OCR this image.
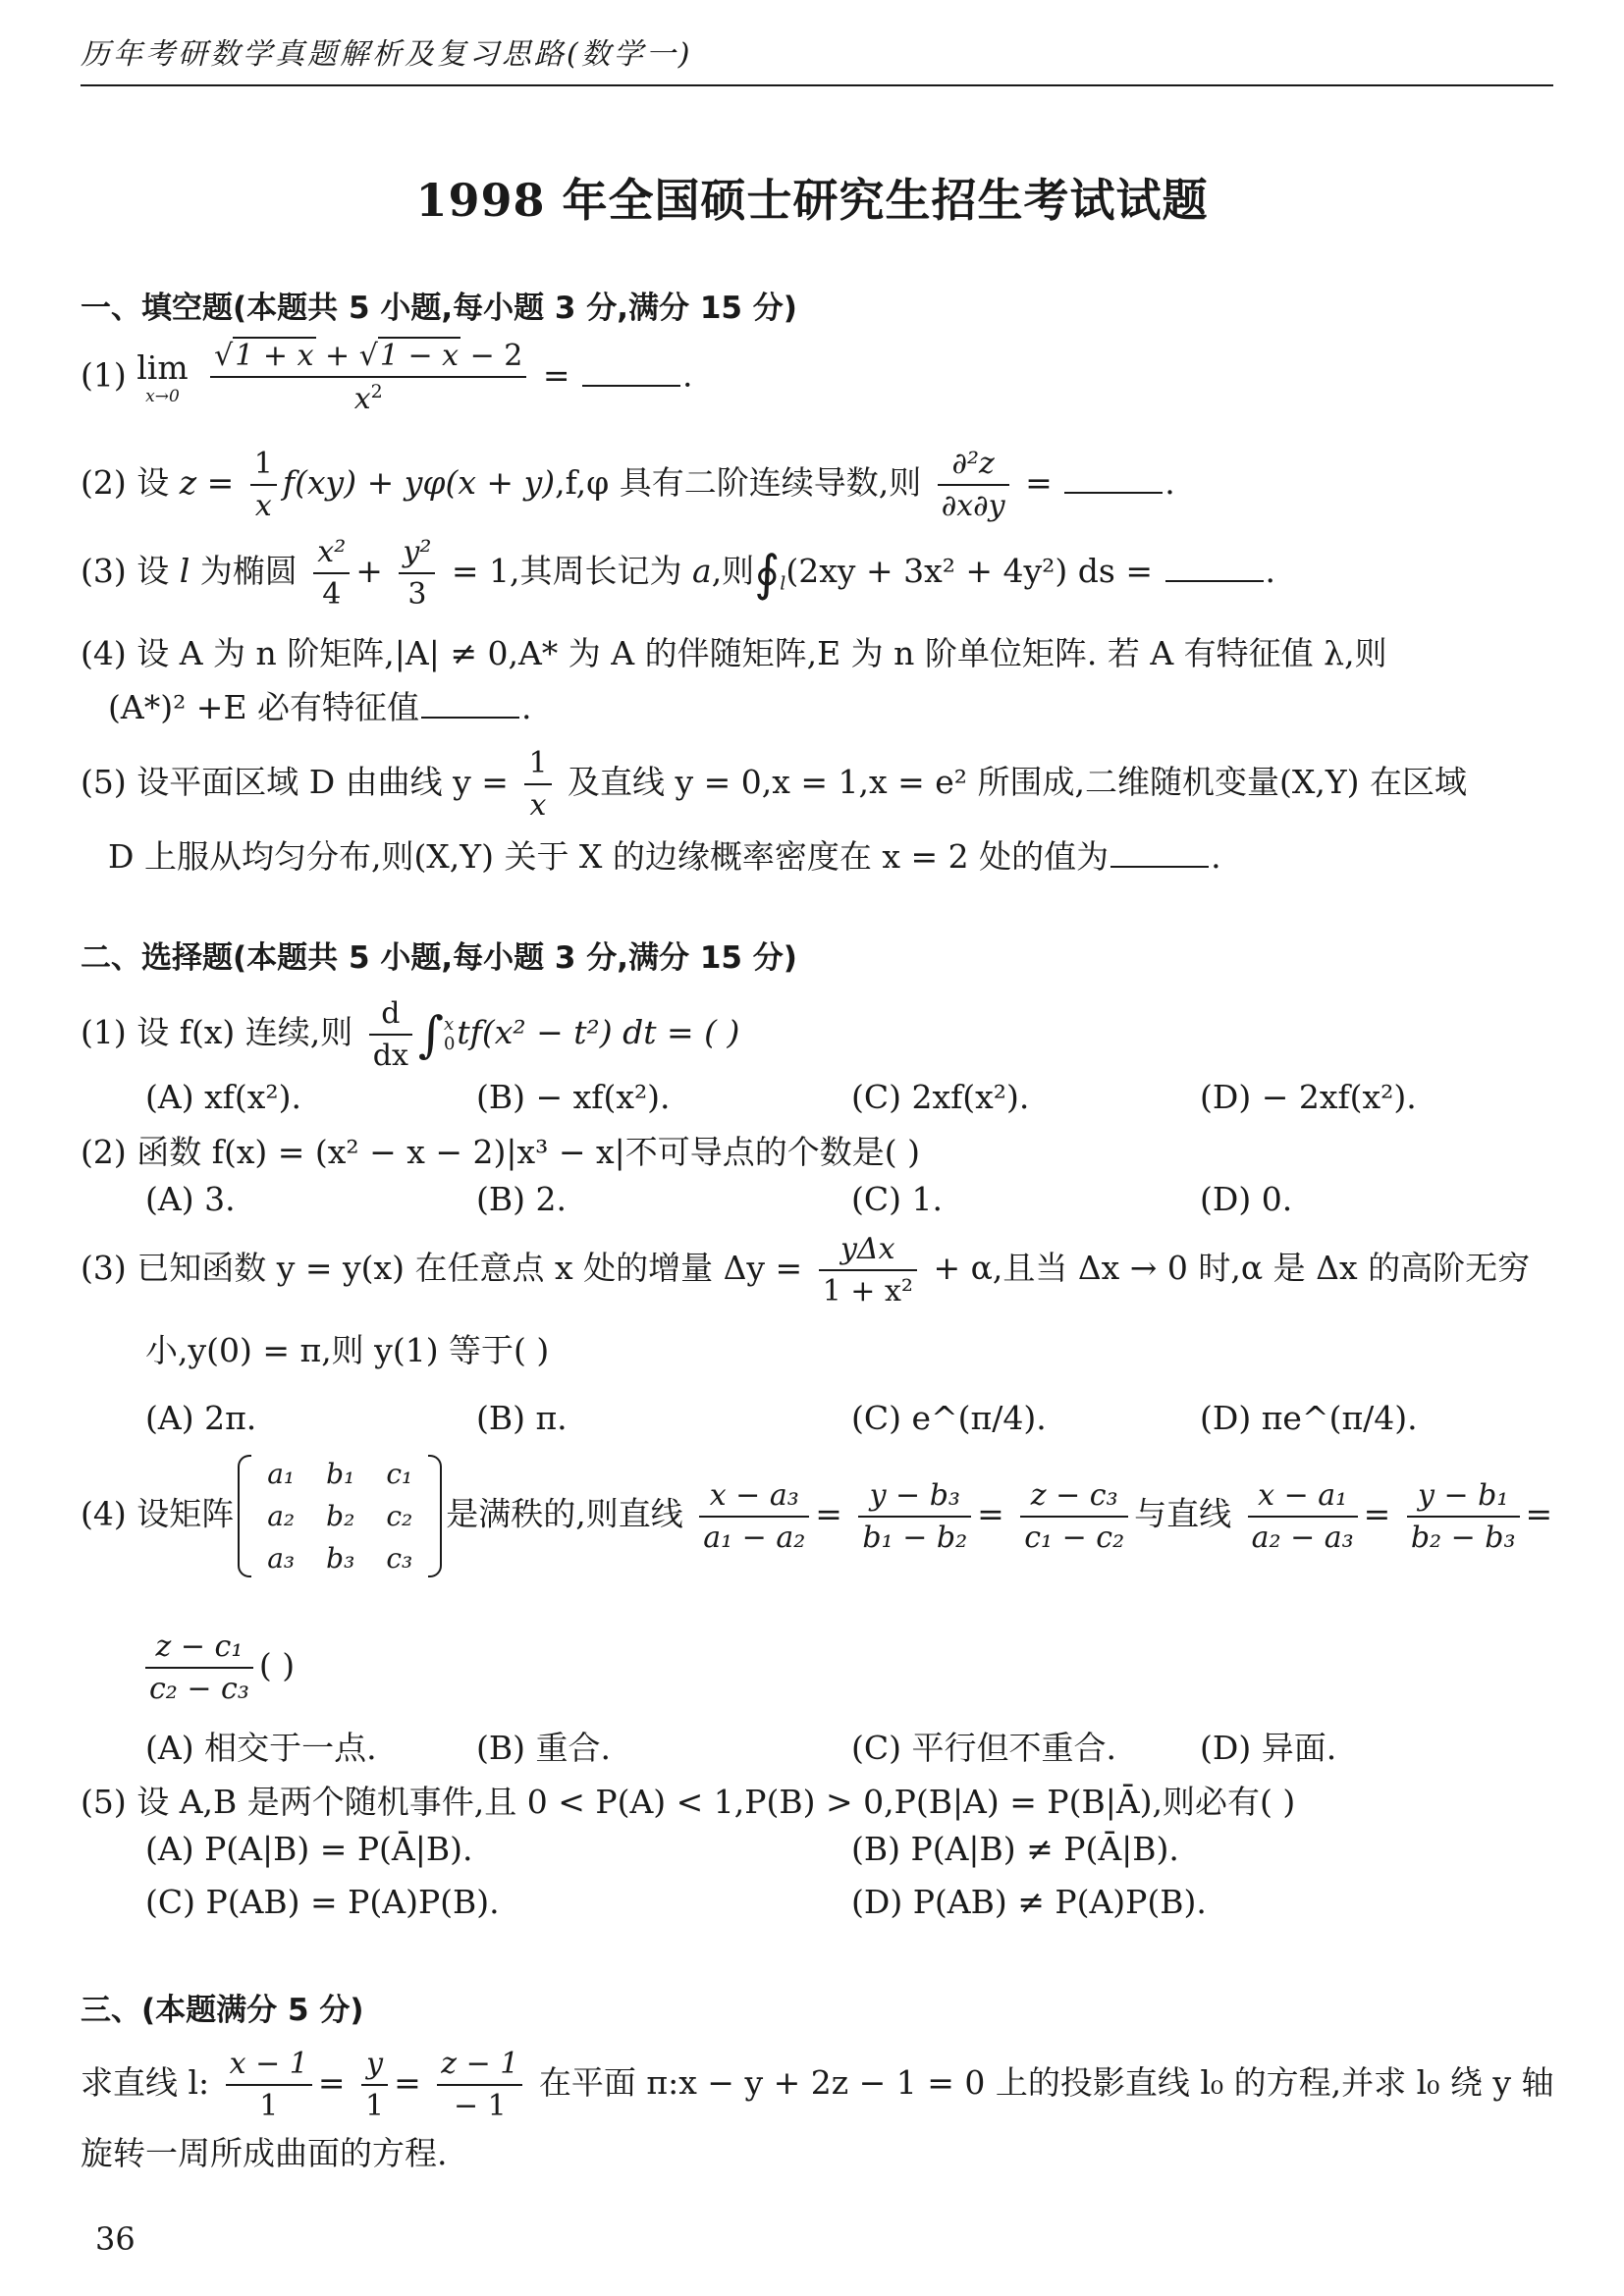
历年考研数学真题解析及复习思路(数学一)
1998 年全国硕士研究生招生考试试题
一、填空题(本题共 5 小题,每小题 3 分,满分 15 分)
(1) lim
x→0
$\frac{√1 + x + √1 - x - 2}{x^2}$ =	.
(2) 设 $z = \frac{1}{x} f(xy) + y\varphi(x + y),f,\varphi$ 具有二阶连续导数,则 $\frac{\text{∂²z}}{\partial x\partial y}$ =	.
(3) 设 l 为椭圆 $\frac{\text{x²}}{4} + \frac{\text{y²}}{3} = 1$,其周长记为 a,则$∮_l(2xy + 3x^2 + 4y^2)$ ds =	.
(4) 设 A 为 n 阶矩阵,|A| ≠ 0,A* 为 A 的伴随矩阵,E 为 n 阶单位矩阵. 若 A 有特征值 λ,则
(A*)² +E 必有特征值	.
(5) 设平面区域 D 由曲线 $y = \frac{1}{x}$ 及直线 y = 0,x = 1,x = e² 所围成,二维随机变量(X,Y) 在区域
D 上服从均匀分布,则(X,Y) 关于 X 的边缘概率密度在 x = 2 处的值为	.
二、选择题(本题共 5 小题,每小题 3 分,满分 15 分)
(1) 设 f(x) 连续,则 $\frac{d}{dx} \int x$
0tf(x² − t²) dt = ( )
(A) xf(x²).	(B) − xf(x²).	(C) 2xf(x²).	(D) − 2xf(x²).
(2) 函数 f(x) = (x² − x − 2)|x³ − x|不可导点的个数是( )
(A) 3.	(B) 2.	(C) 1.	(D) 0.
(3) 已知函数 y = y(x) 在任意点 x 处的增量 $\Delta y = \frac{\text{yΔx}}{\text{1 + x²}} + \alpha$,且当 Δx → 0 时,α 是 Δx 的高阶无穷
小,y(0) = π,则 y(1) 等于( )
(A) 2π.	(B) π.	(C) e^(π/4).	(D) πe^(π/4).
(4) 设矩阵
a₁	b₁	c₁
a₂	b₂	c₂
a₃	b₃	c₃
是满秩的,则直线 $\frac{\text{x − a₃}}{\text{a₁ − a₂}} = \frac{\text{y − b₃}}{\text{b₁ − b₂}} = \frac{\text{z − c₃}}{\text{c₁ − c₂}}$ 与直线 $\frac{\text{x − a₁}}{\text{a₂ − a₃}} = \frac{\text{y − b₁}}{\text{b₂ − b₃}}$ =
$\frac{\text{z − c₁}}{\text{c₂ − c₃}}$ ( )
(A) 相交于一点.	(B) 重合.	(C) 平行但不重合.	(D) 异面.
(5) 设 A,B 是两个随机事件,且 0 < P(A) < 1,P(B) > 0,P(B|A) = P(B|Ā),则必有( )
(A) P(A|B) = P(Ā|B).	(B) P(A|B) ≠ P(Ā|B).
(C) P(AB) = P(A)P(B).	(D) P(AB) ≠ P(A)P(B).
三、(本题满分 5 分)
求直线 l: $\frac{x - 1}{1} = \frac{y}{1} = \frac{z - 1}{- 1}$ 在平面 π:x − y + 2z − 1 = 0 上的投影直线 l₀ 的方程,并求 l₀ 绕 y 轴
旋转一周所成曲面的方程.
36
